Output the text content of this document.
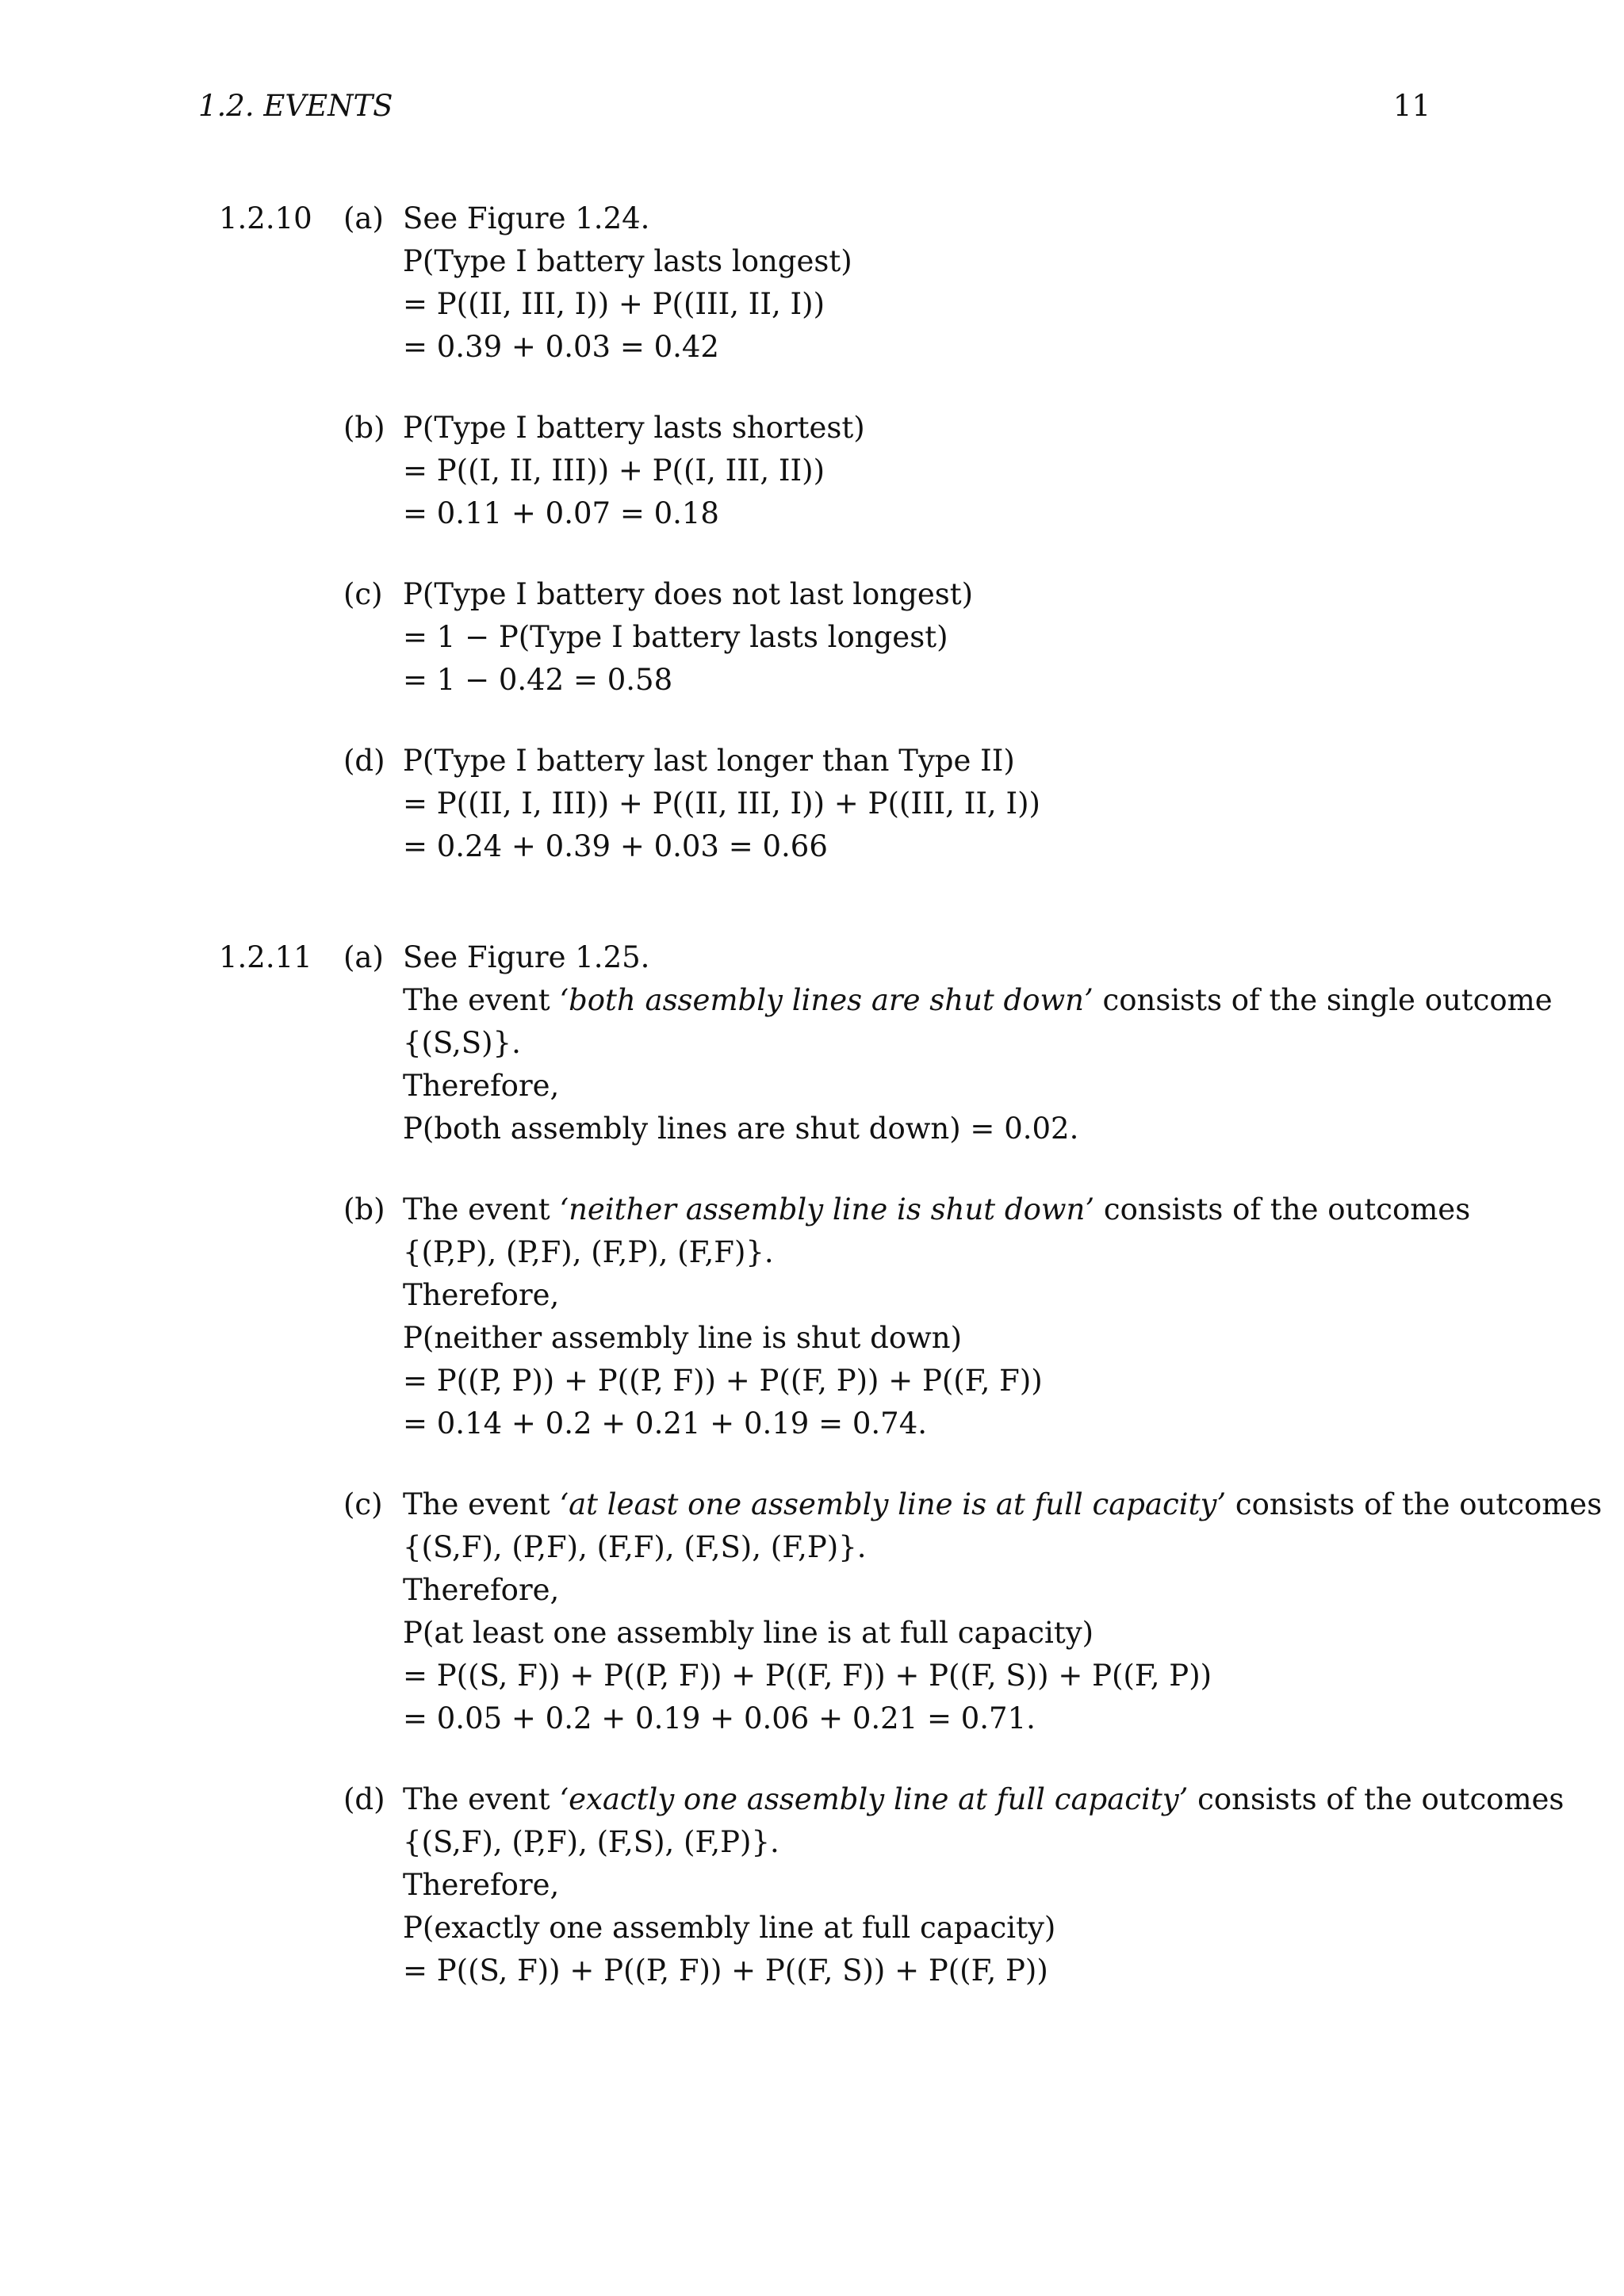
1.2. EVENTS	11
1.2.10 (a) See Figure 1.24.
P(Type I battery lasts longest)
= P((II, III, I)) + P((III, II, I))
= 0.39 + 0.03 = 0.42
(b) P(Type I battery lasts shortest)
= P((I, II, III)) + P((I, III, II))
= 0.11 + 0.07 = 0.18
(c) P(Type I battery does not last longest)
= 1 − P(Type I battery lasts longest)
= 1 − 0.42 = 0.58
(d) P(Type I battery last longer than Type II)
= P((II, I, III)) + P((II, III, I)) + P((III, II, I))
= 0.24 + 0.39 + 0.03 = 0.66
1.2.11 (a) See Figure 1.25.
The event ‘both assembly lines are shut down’ consists of the single outcome
{(S,S)}.
Therefore,
P(both assembly lines are shut down) = 0.02.
(b) The event ‘neither assembly line is shut down’ consists of the outcomes
{(P,P), (P,F), (F,P), (F,F)}.
Therefore,
P(neither assembly line is shut down)
= P((P, P)) + P((P, F)) + P((F, P)) + P((F, F))
= 0.14 + 0.2 + 0.21 + 0.19 = 0.74.
(c) The event ‘at least one assembly line is at full capacity’ consists of the outcomes
{(S,F), (P,F), (F,F), (F,S), (F,P)}.
Therefore,
P(at least one assembly line is at full capacity)
= P((S, F)) + P((P, F)) + P((F, F)) + P((F, S)) + P((F, P))
= 0.05 + 0.2 + 0.19 + 0.06 + 0.21 = 0.71.
(d) The event ‘exactly one assembly line at full capacity’ consists of the outcomes
{(S,F), (P,F), (F,S), (F,P)}.
Therefore,
P(exactly one assembly line at full capacity)
= P((S, F)) + P((P, F)) + P((F, S)) + P((F, P))
